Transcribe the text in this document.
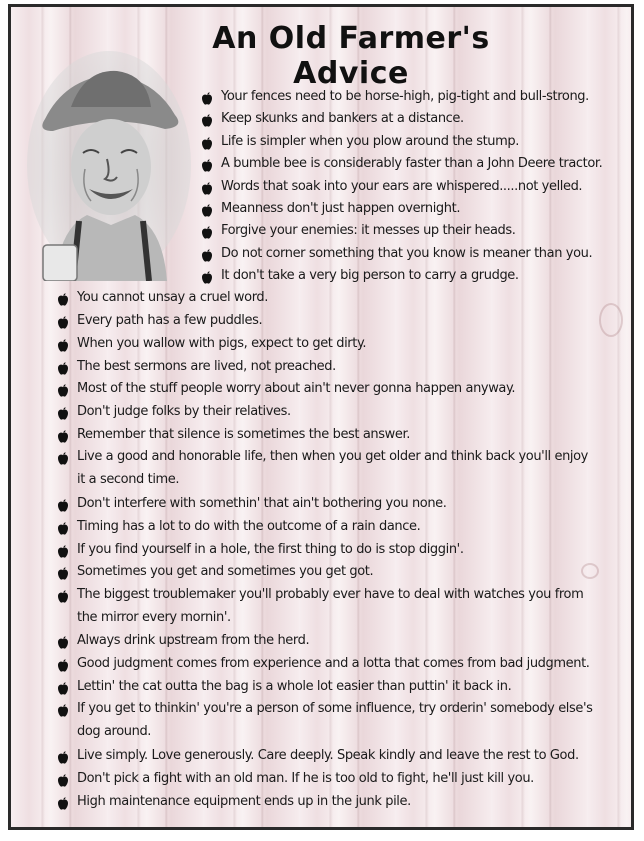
An Old Farmer's Advice
Your fences need to be horse-high, pig-tight and bull-strong.
Keep skunks and bankers at a distance.
Life is simpler when you plow around the stump.
A bumble bee is considerably faster than a John Deere tractor.
Words that soak into your ears are whispered.....not yelled.
Meanness don't just happen overnight.
Forgive your enemies: it messes up their heads.
Do not corner something that you know is meaner than you.
It don't take a very big person to carry a grudge.
You cannot unsay a cruel word.
Every path has a few puddles.
When you wallow with pigs, expect to get dirty.
The best sermons are lived, not preached.
Most of the stuff people worry about ain't never gonna happen anyway.
Don't judge folks by their relatives.
Remember that silence is sometimes the best answer.
Live a good and honorable life, then when you get older and think back you'll enjoy it a second time.
Don't interfere with somethin' that ain't bothering you none.
Timing has a lot to do with the outcome of a rain dance.
If you find yourself in a hole, the first thing to do is stop diggin'.
Sometimes you get and sometimes you get got.
The biggest troublemaker you'll probably ever have to deal with watches you from the mirror every mornin'.
Always drink upstream from the herd.
Good judgment comes from experience and a lotta that comes from bad judgment.
Lettin' the cat outta the bag is a whole lot easier than puttin' it back in.
If you get to thinkin' you're a person of some influence, try orderin' somebody else's dog around.
Live simply. Love generously. Care deeply. Speak kindly and leave the rest to God.
Don't pick a fight with an old man. If he is too old to fight, he'll just kill you.
High maintenance equipment ends up in the junk pile.
